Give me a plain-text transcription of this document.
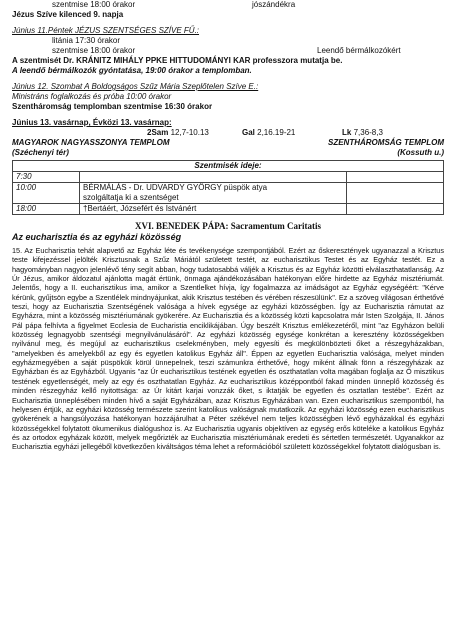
szentmise 18:00 órakor	jószándékra
Jézus Szíve kilenced 9. napja
Június 11.Péntek JÉZUS SZENTSÉGES SZÍVE FŰ.:
litánia 17:30 órakor
szentmise 18:00 órakor	Leendő bérmálkozókért
A szentmisét Dr. KRÁNITZ MIHÁLY PPKE HITTUDOMÁNYI KAR professzora mutatja be.
A leendő bérmálkozók gyóntatása, 19:00 órakor a templomban.
Június 12. Szombat A Boldogságos Szűz Mária Szeplőtelen Szíve E.:
Ministráns foglalkozás és próba 10:00 órakor
Szentháromság templomban szentmise 16:30 órakor
Június 13. vasárnap, Évközi 13. vasárnap:
2Sam 12,7-10.13	Gal 2,16.19-21	Lk 7,36-8,3
MAGYAROK NAGYASSZONYA TEMPLOM	SZENTHÁROMSÁG TEMPLOM
(Széchenyi tér)	(Kossuth u.)
Szentmisék ideje:		
7:30		
10:00	BÉRMÁLÁS - Dr. UDVARDY GYÖRGY püspök atya
szolgáltatja ki a szentséget	

18:00	†Bertáért, Józsefért és Istvánért	
XVI. BENEDEK PÁPA: Sacramentum Caritatis
Az eucharisztia és az egyházi közösség
15. Az Eucharisztia tehát alapvető az Egyház léte és tevékenysége szempontjából. Ezért az őskeresztények ugyanazzal a Krisztus teste kifejezéssel jelölték Krisztusnak a Szűz Máriától született testét, az eucharisztikus Testet és az Egyház testét. Ez a hagyományban nagyon jelenlévő tény segít abban, hogy tudatosabbá váljék a Krisztus és az Egyház közötti elválaszthatatlanság. Az Úr Jézus, amikor áldozatul ajánlotta magát értünk, önmaga ajándékozásában hatékonyan előre hirdette az Egyház misztériumát. Jelentős, hogy a II. eucharisztikus ima, amikor a Szentlelket hívja, így fogalmazza az imádságot az Egyház egységéért: "Kérve kérünk, gyűjtsön egybe a Szentlélek mindnyájunkat, akik Krisztus testében és vérében részesülünk". Ez a szöveg világosan érthetővé teszi, hogy az Eucharisztia Szentségének valósága a hívek egysége az egyházi közösségben. Így az Eucharisztia rámutat az Egyházra, mint a közösség misztériumának gyökerére. Az Eucharisztia és a közösség közti kapcsolatra már Isten Szolgája, II. János Pál pápa felhívta a figyelmet Ecclesia de Eucharistia enciklikájában. Úgy beszélt Krisztus emlékezetéről, mint "az Egyházon belüli közösség legnagyobb szentségi megnyilvánulásáról". Az egyházi közösség egysége konkrétan a keresztény közösségekben nyilvánul meg, és megújul az eucharisztikus cselekményben, mely egyesíti és megkülönbözteti őket a részegyházakban, "amelyekben és amelyekből az egy és egyetlen katolikus Egyház áll". Éppen az egyetlen Eucharisztia valósága, melyet minden egyházmegyében a saját püspökük körül ünnepelnek, teszi számunkra érthetővé, hogy miként állnak fönn a részegyházak az Egyházban és az Egyházból. Ugyanis "az Úr eucharisztikus testének egyetlen és oszthatatlan volta magában foglalja az Ő misztikus testének egyetlenségét, mely az egy és oszthatatlan Egyház. Az eucharisztikus középpontból fakad minden ünneplő közösség és minden részegyház kellő nyitottsága: az Úr kitárt karjai vonzzák őket, s iktatják be egyetlen és osztatlan testébe". Ezért az Eucharisztia ünneplésében minden hívő a saját Egyházában, azaz Krisztus Egyházában van. Ezen eucharisztikus szempontból, ha helyesen értjük, az egyházi közösség természete szerint katolikus valóságnak mutatkozik. Az egyházi közösség ezen eucharisztikus gyökerének a hangsúlyozása hatékonyan hozzájárulhat a Péter székével nem teljes közösségben lévő egyházakkal és egyházi közösségekkel folytatott ökumenikus dialógushoz is. Az Eucharisztia ugyanis objektíven az egység erős köteléke a katolikus Egyház és az ortodox egyházak között, melyek megőrizték az Eucharisztia misztériumának eredeti és sértetlen természetét. Ugyanakkor az Eucharisztia egyházi jellegéből következően kiváltságos téma lehet a reformációból született közösségekkel folytatott dialógusban is.
